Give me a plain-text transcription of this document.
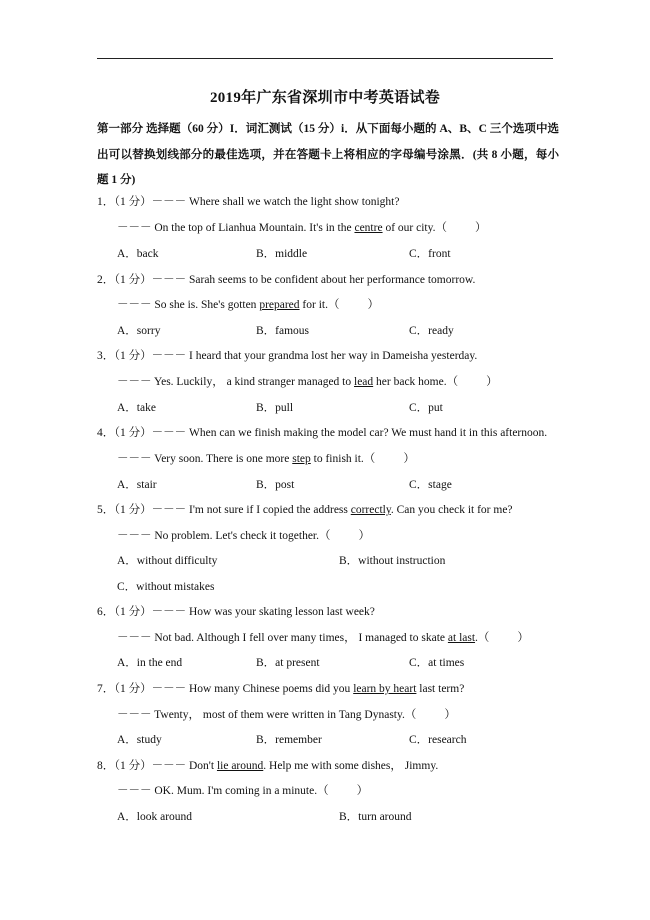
2019年广东省深圳市中考英语试卷
第一部分 选择题（60 分）I．词汇测试（15 分）i．从下面每小题的 A、B、C 三个选项中选出可以替换划线部分的最佳选项，并在答题卡上将相应的字母编号涂黑．(共 8 小题，每小题 1 分)
1．（1 分）－－－ Where shall we watch the light show tonight?
－－－ On the top of Lianhua Mountain. It's in the centre of our city.（ ）
A．back	B．middle	C．front
2．（1 分）－－－ Sarah seems to be confident about her performance tomorrow.
－－－ So she is. She's gotten prepared for it.（ ）
A．sorry	B．famous	C．ready
3．（1 分）－－－ I heard that your grandma lost her way in Dameisha yesterday.
－－－ Yes. Luckily， a kind stranger managed to lead her back home.（ ）
A．take	B．pull	C．put
4．（1 分）－－－ When can we finish making the model car? We must hand it in this afternoon.
－－－ Very soon. There is one more step to finish it.（ ）
A．stair	B．post	C．stage
5．（1 分）－－－ I'm not sure if I copied the address correctly. Can you check it for me?
－－－ No problem. Let's check it together.（ ）
A．without difficulty	B．without instruction
C．without mistakes
6．（1 分）－－－ How was your skating lesson last week?
－－－ Not bad. Although I fell over many times， I managed to skate at last.（ ）
A．in the end	B．at present	C．at times
7．（1 分）－－－ How many Chinese poems did you learn by heart last term?
－－－ Twenty， most of them were written in Tang Dynasty.（ ）
A．study	B．remember	C．research
8．（1 分）－－－ Don't lie around. Help me with some dishes， Jimmy.
－－－ OK. Mum. I'm coming in a minute.（ ）
A．look around	B．turn around
